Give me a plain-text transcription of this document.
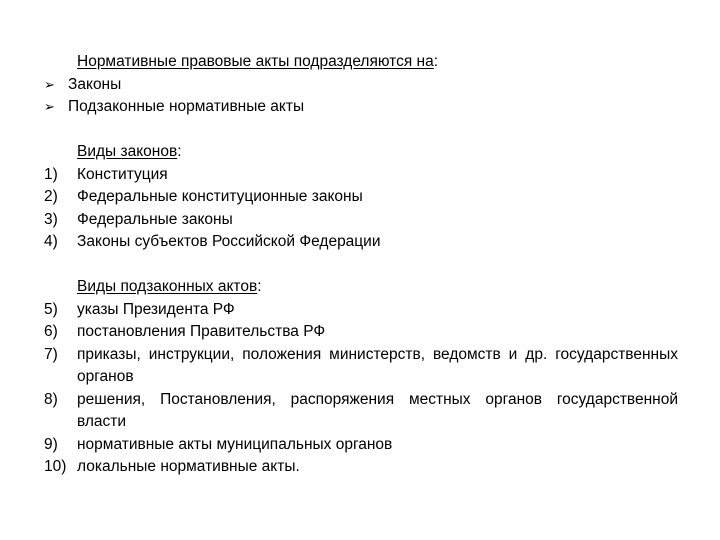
Нормативные правовые акты подразделяются на:
➢ Законы
➢ Подзаконные нормативные акты
Виды законов:
1) Конституция
2) Федеральные конституционные законы
3) Федеральные законы
4) Законы субъектов Российской Федерации
Виды подзаконных актов:
5) указы Президента РФ
6) постановления Правительства РФ
7) приказы, инструкции, положения министерств, ведомств и др. государственных органов
8) решения, Постановления, распоряжения местных органов государственной власти
9) нормативные акты муниципальных органов
10) локальные нормативные акты.
